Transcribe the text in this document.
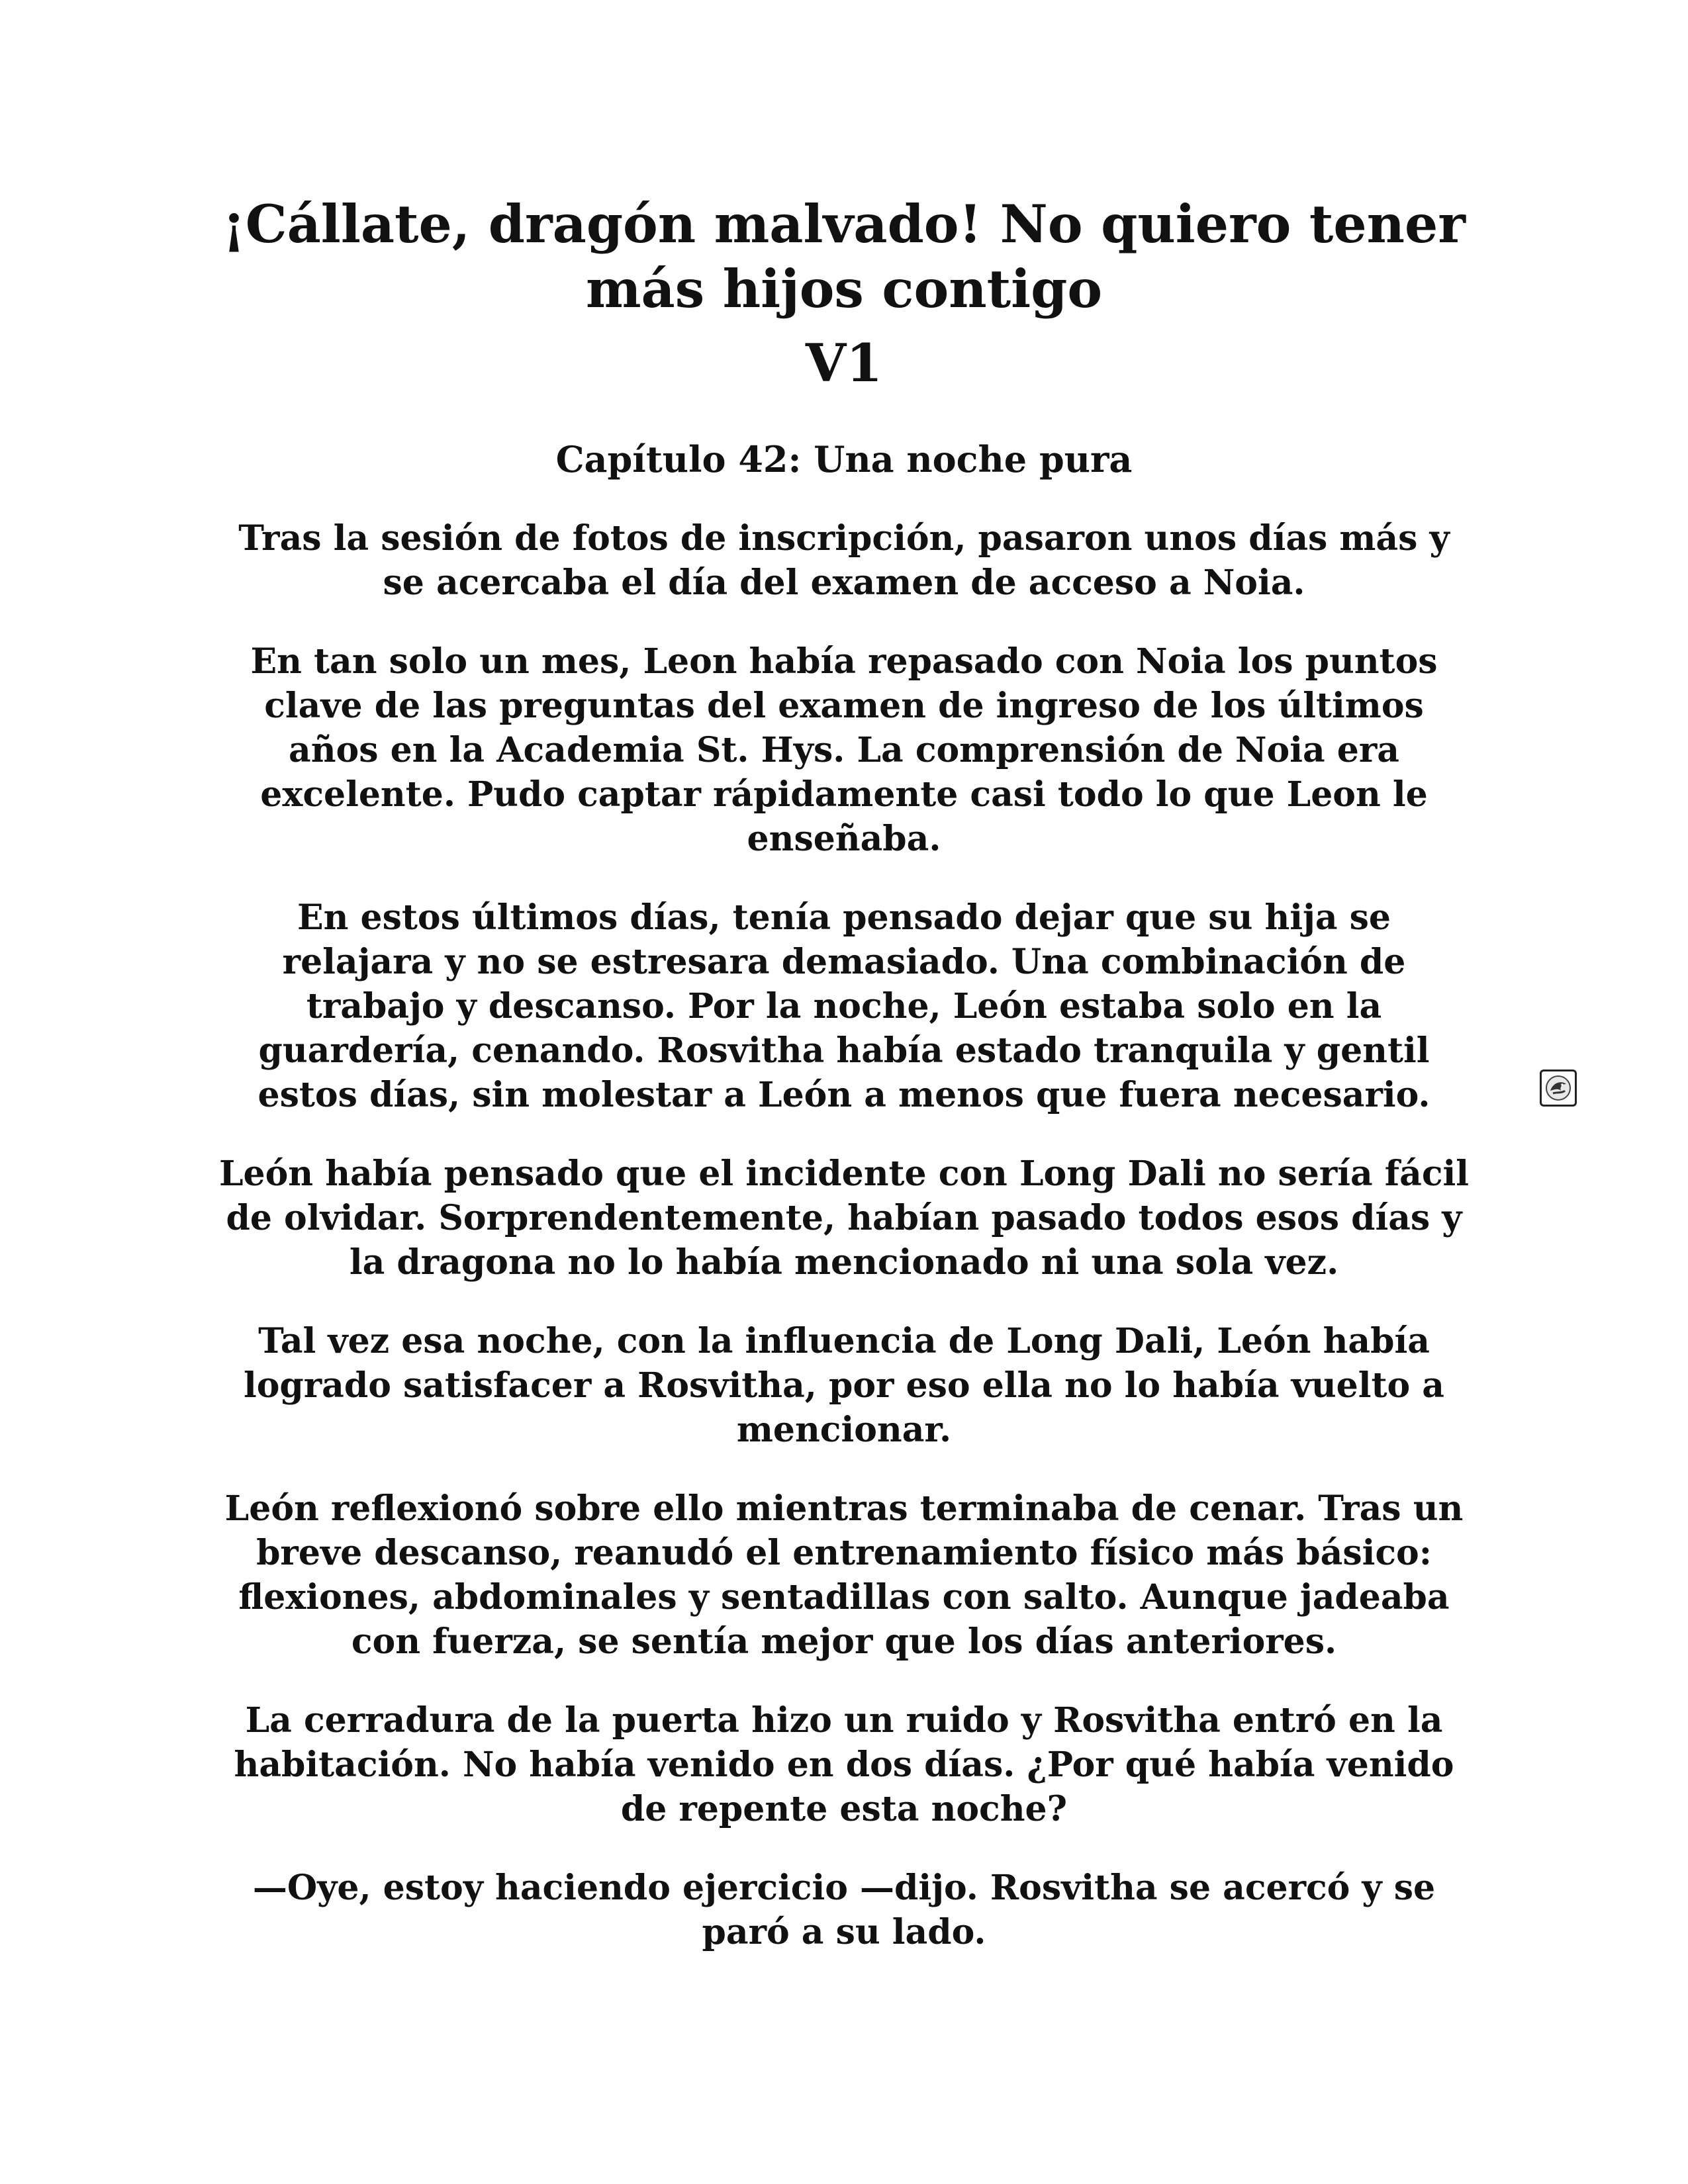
¡Cállate, dragón malvado! No quiero tener más hijos contigo
V1
Capítulo 42: Una noche pura

Tras la sesión de fotos de inscripción, pasaron unos días más y se acercaba el día del examen de acceso a Noia.

En tan solo un mes, Leon había repasado con Noia los puntos clave de las preguntas del examen de ingreso de los últimos años en la Academia St. Hys. La comprensión de Noia era excelente. Pudo captar rápidamente casi todo lo que Leon le enseñaba.

En estos últimos días, tenía pensado dejar que su hija se relajara y no se estresara demasiado. Una combinación de trabajo y descanso. Por la noche, León estaba solo en la guardería, cenando. Rosvitha había estado tranquila y gentil estos días, sin molestar a León a menos que fuera necesario.

León había pensado que el incidente con Long Dali no sería fácil de olvidar. Sorprendentemente, habían pasado todos esos días y la dragona no lo había mencionado ni una sola vez.

Tal vez esa noche, con la influencia de Long Dali, León había logrado satisfacer a Rosvitha, por eso ella no lo había vuelto a mencionar.

León reflexionó sobre ello mientras terminaba de cenar. Tras un breve descanso, reanudó el entrenamiento físico más básico: flexiones, abdominales y sentadillas con salto. Aunque jadeaba con fuerza, se sentía mejor que los días anteriores.

La cerradura de la puerta hizo un ruido y Rosvitha entró en la habitación. No había venido en dos días. ¿Por qué había venido de repente esta noche?

—Oye, estoy haciendo ejercicio —dijo. Rosvitha se acercó y se paró a su lado.
